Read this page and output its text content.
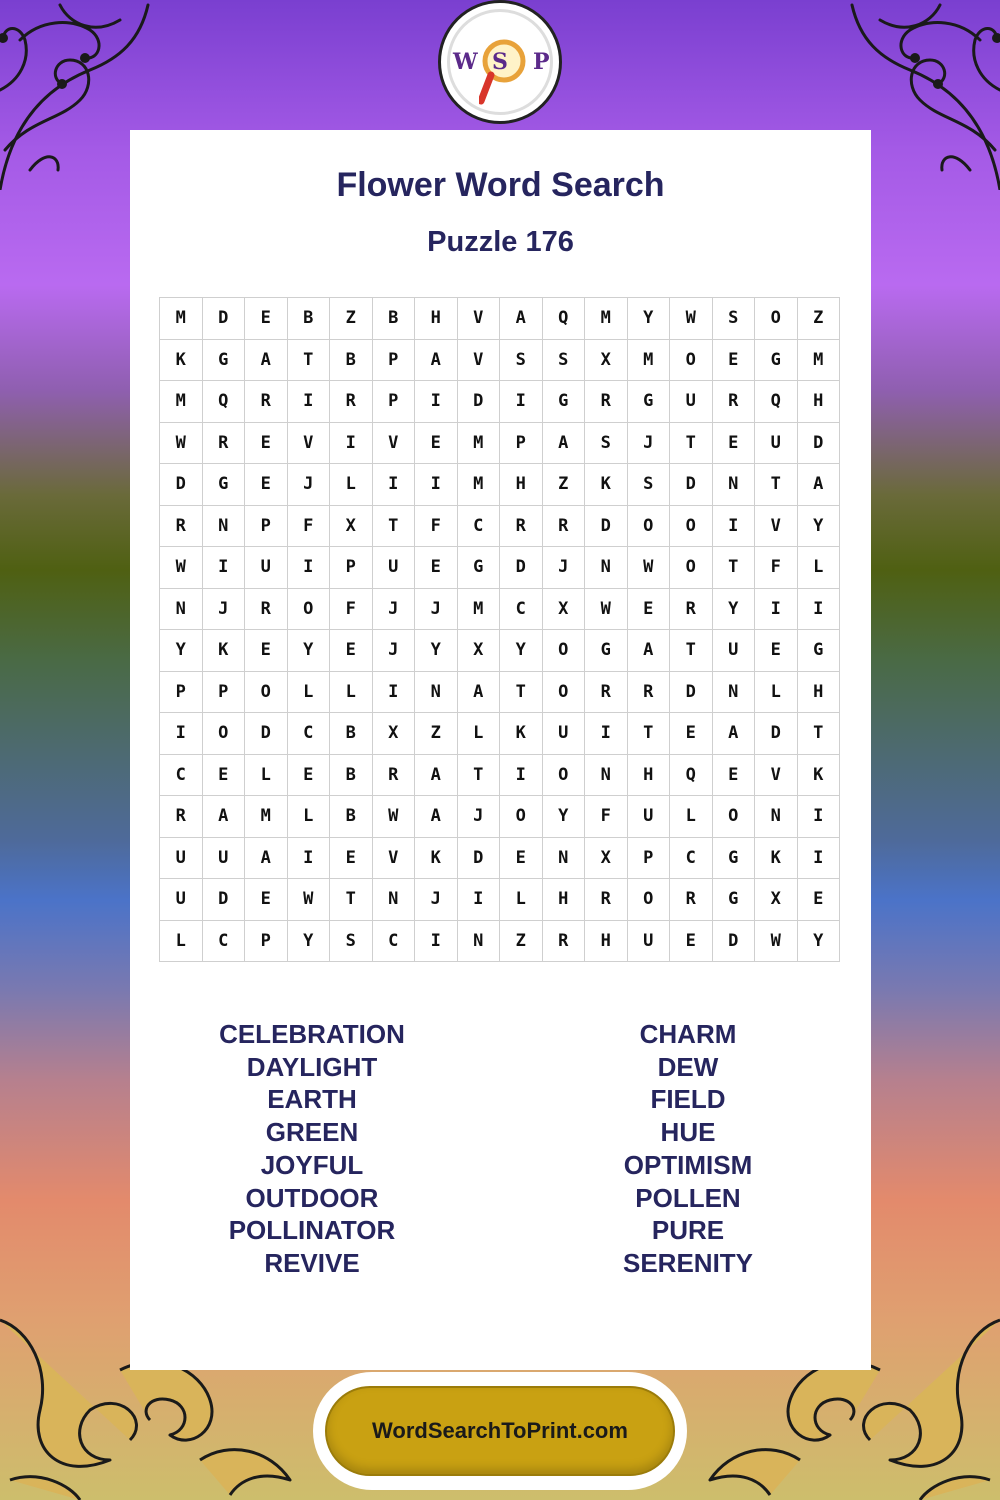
W S P
Flower Word Search
Puzzle 176
M	D	E	B	Z	B	H	V	A	Q	M	Y	W	S	O	Z
K	G	A	T	B	P	A	V	S	S	X	M	O	E	G	M
M	Q	R	I	R	P	I	D	I	G	R	G	U	R	Q	H
W	R	E	V	I	V	E	M	P	A	S	J	T	E	U	D
D	G	E	J	L	I	I	M	H	Z	K	S	D	N	T	A
R	N	P	F	X	T	F	C	R	R	D	O	O	I	V	Y
W	I	U	I	P	U	E	G	D	J	N	W	O	T	F	L
N	J	R	O	F	J	J	M	C	X	W	E	R	Y	I	I
Y	K	E	Y	E	J	Y	X	Y	O	G	A	T	U	E	G
P	P	O	L	L	I	N	A	T	O	R	R	D	N	L	H
I	O	D	C	B	X	Z	L	K	U	I	T	E	A	D	T
C	E	L	E	B	R	A	T	I	O	N	H	Q	E	V	K
R	A	M	L	B	W	A	J	O	Y	F	U	L	O	N	I
U	U	A	I	E	V	K	D	E	N	X	P	C	G	K	I
U	D	E	W	T	N	J	I	L	H	R	O	R	G	X	E
L	C	P	Y	S	C	I	N	Z	R	H	U	E	D	W	Y
CELEBRATION
DAYLIGHT
EARTH
GREEN
JOYFUL
OUTDOOR
POLLINATOR
REVIVE
CHARM
DEW
FIELD
HUE
OPTIMISM
POLLEN
PURE
SERENITY
WordSearchToPrint.com
